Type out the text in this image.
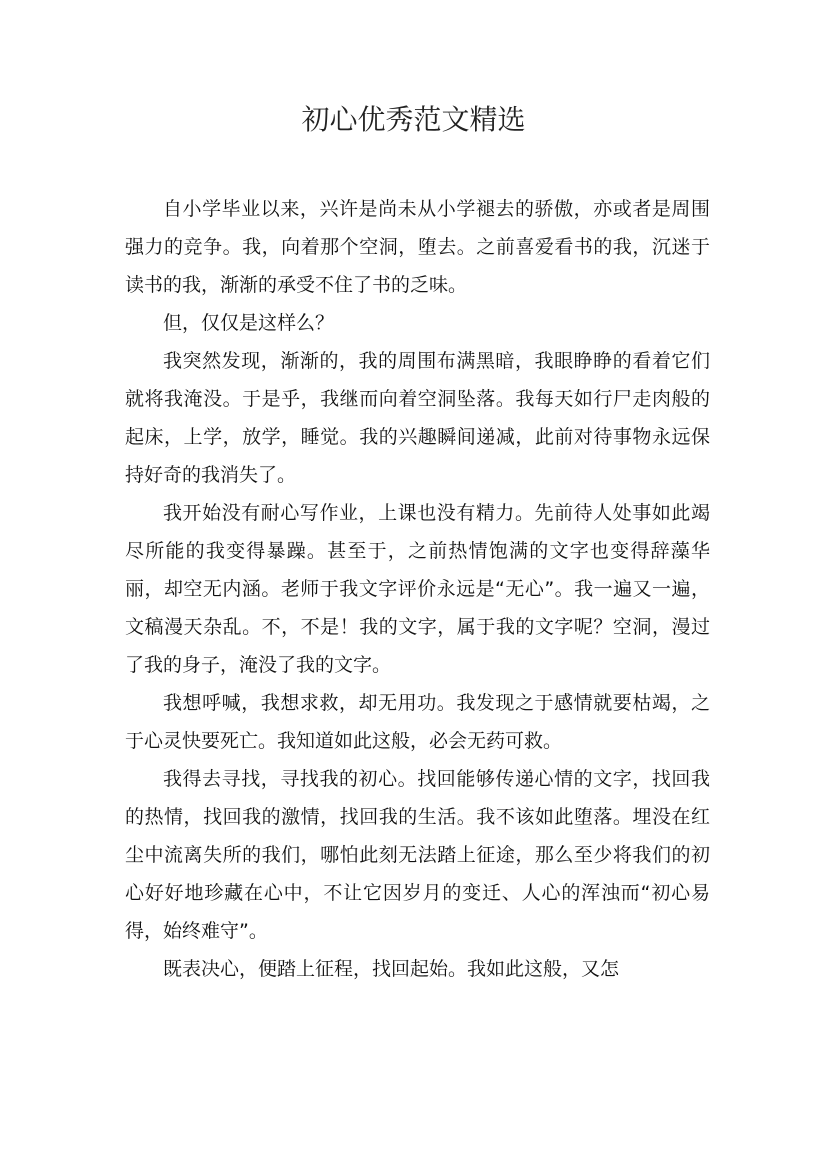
初心优秀范文精选

自小学毕业以来，兴许是尚未从小学褪去的骄傲，亦或者是周围强力的竞争。我，向着那个空洞，堕去。之前喜爱看书的我，沉迷于读书的我，渐渐的承受不住了书的乏味。

但，仅仅是这样么？

我突然发现，渐渐的，我的周围布满黑暗，我眼睁睁的看着它们就将我淹没。于是乎，我继而向着空洞坠落。我每天如行尸走肉般的起床，上学，放学，睡觉。我的兴趣瞬间递减，此前对待事物永远保持好奇的我消失了。

我开始没有耐心写作业，上课也没有精力。先前待人处事如此竭尽所能的我变得暴躁。甚至于，之前热情饱满的文字也变得辞藻华丽，却空无内涵。老师于我文字评价永远是“无心”。我一遍又一遍，文稿漫天杂乱。不，不是！我的文字，属于我的文字呢？空洞，漫过了我的身子，淹没了我的文字。

我想呼喊，我想求救，却无用功。我发现之于感情就要枯竭，之于心灵快要死亡。我知道如此这般，必会无药可救。

我得去寻找，寻找我的初心。找回能够传递心情的文字，找回我的热情，找回我的激情，找回我的生活。我不该如此堕落。埋没在红尘中流离失所的我们，哪怕此刻无法踏上征途，那么至少将我们的初心好好地珍藏在心中，不让它因岁月的变迁、人心的浑浊而“初心易得，始终难守”。

既表决心，便踏上征程，找回起始。我如此这般，又怎
